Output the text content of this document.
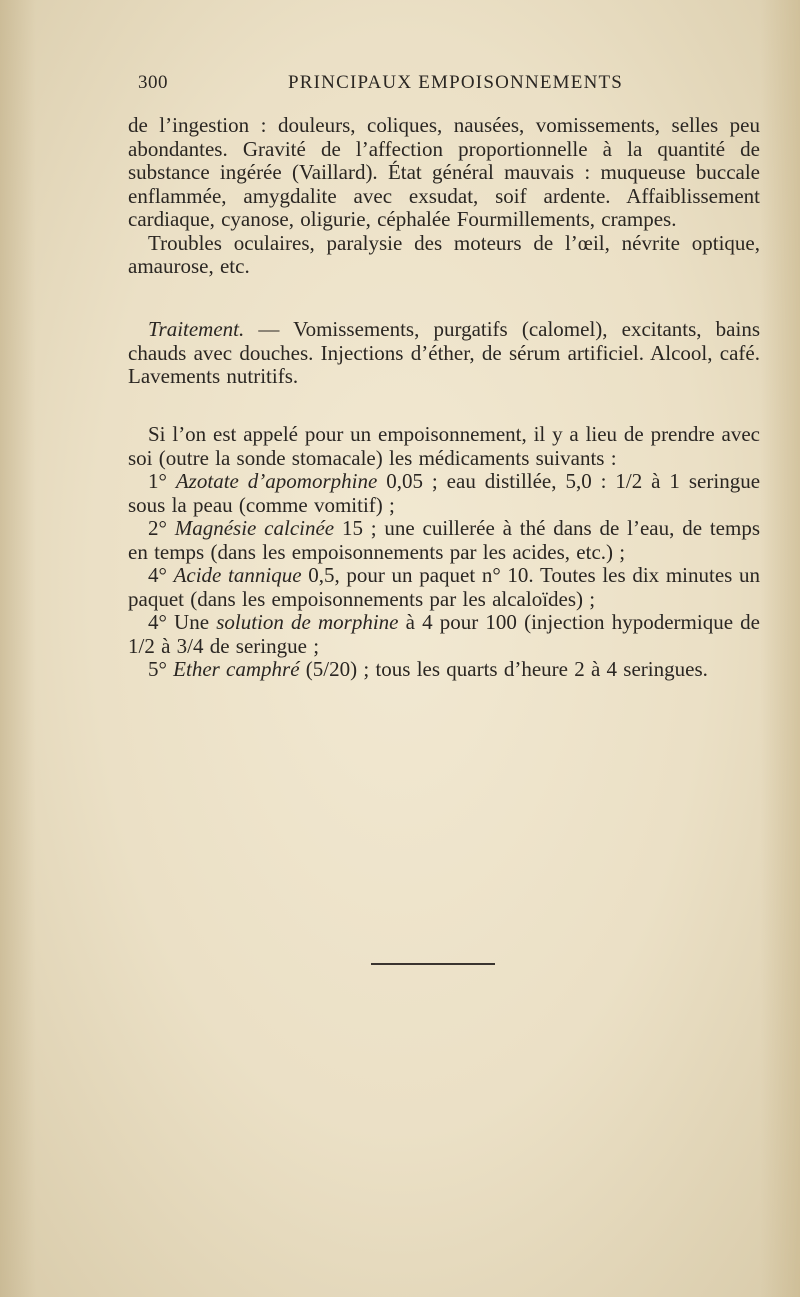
300	PRINCIPAUX EMPOISONNEMENTS

de l’ingestion : douleurs, coliques, nausées, vomissements, selles peu abondantes. Gravité de l’affection proportionnelle à la quantité de substance ingérée (Vaillard). État général mauvais : muqueuse buccale enflammée, amygdalite avec exsudat, soif ardente. Affaiblissement cardiaque, cyanose, oligurie, céphalée Fourmillements, crampes.

Troubles oculaires, paralysie des moteurs de l’œil, névrite optique, amaurose, etc.

Traitement. — Vomissements, purgatifs (calomel), excitants, bains chauds avec douches. Injections d’éther, de sérum artificiel. Alcool, café. Lavements nutritifs.

Si l’on est appelé pour un empoisonnement, il y a lieu de prendre avec soi (outre la sonde stomacale) les médicaments suivants :

1° Azotate d’apomorphine 0,05 ; eau distillée, 5,0 : 1/2 à 1 seringue sous la peau (comme vomitif) ;

2° Magnésie calcinée 15 ; une cuillerée à thé dans de l’eau, de temps en temps (dans les empoisonnements par les acides, etc.) ;

4° Acide tannique 0,5, pour un paquet n° 10. Toutes les dix minutes un paquet (dans les empoisonnements par les alcaloïdes) ;

4° Une solution de morphine à 4 pour 100 (injection hypodermique de 1/2 à 3/4 de seringue ;

5° Ether camphré (5/20) ; tous les quarts d’heure 2 à 4 seringues.
